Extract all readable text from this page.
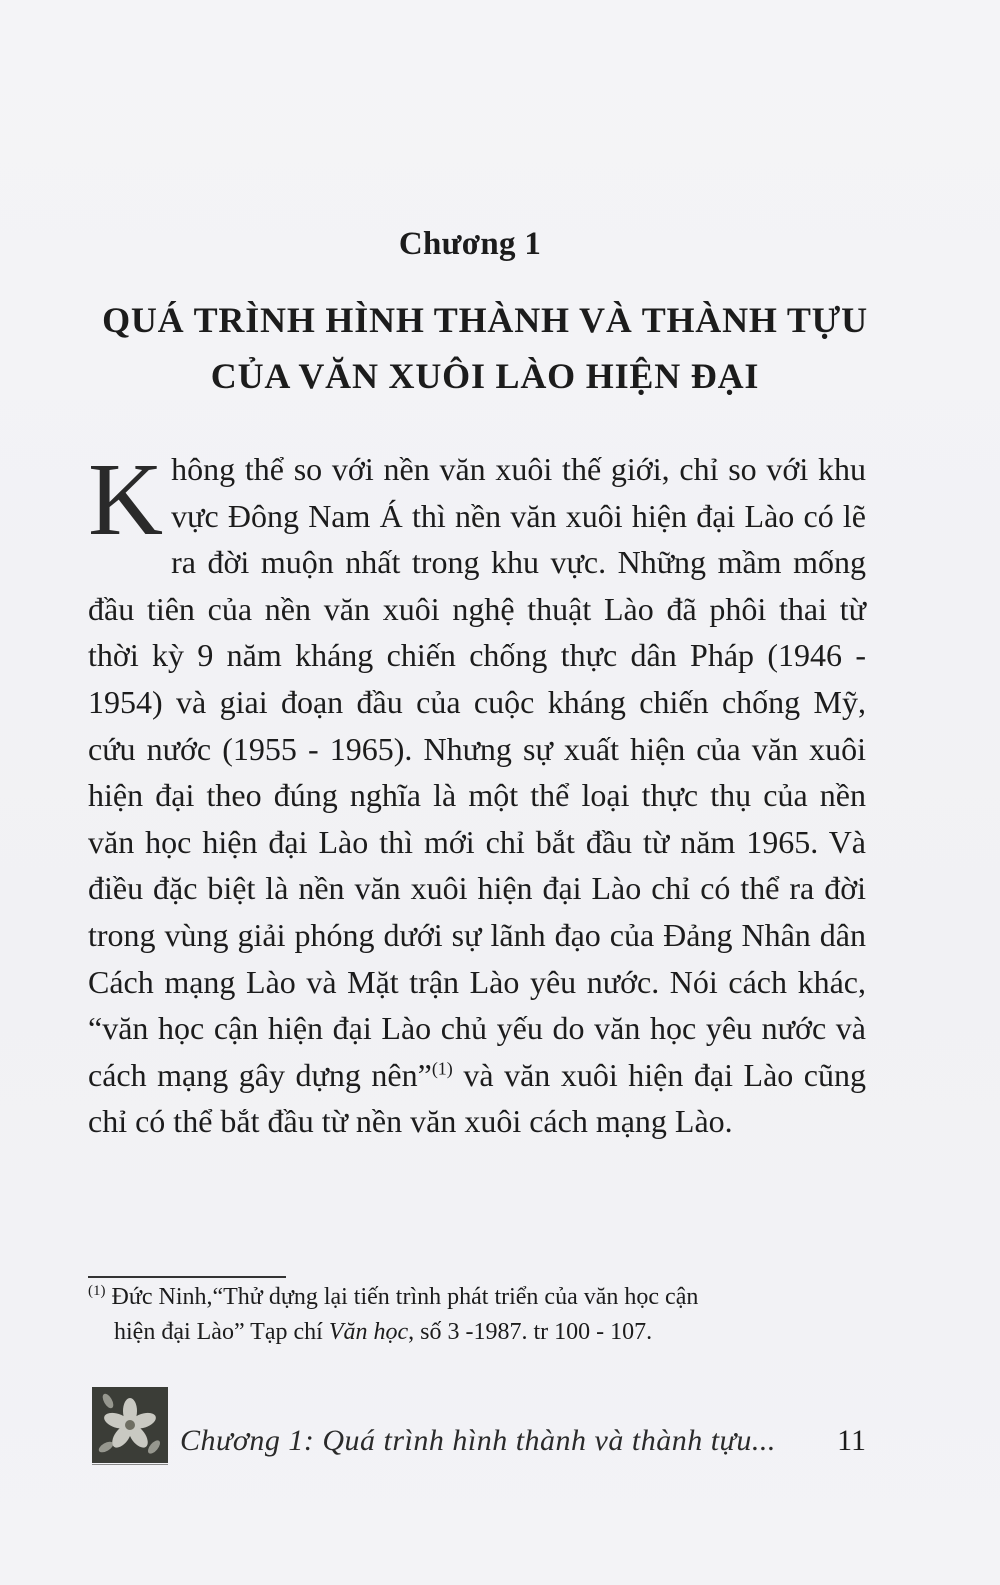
Chương 1
QUÁ TRÌNH HÌNH THÀNH VÀ THÀNH TỰU
CỦA VĂN XUÔI LÀO HIỆN ĐẠI

Không thể so với nền văn xuôi thế giới, chỉ so với khu vực Đông Nam Á thì nền văn xuôi hiện đại Lào có lẽ ra đời muộn nhất trong khu vực. Những mầm mống đầu tiên của nền văn xuôi nghệ thuật Lào đã phôi thai từ thời kỳ 9 năm kháng chiến chống thực dân Pháp (1946 - 1954) và giai đoạn đầu của cuộc kháng chiến chống Mỹ, cứu nước (1955 - 1965). Nhưng sự xuất hiện của văn xuôi hiện đại theo đúng nghĩa là một thể loại thực thụ của nền văn học hiện đại Lào thì mới chỉ bắt đầu từ năm 1965. Và điều đặc biệt là nền văn xuôi hiện đại Lào chỉ có thể ra đời trong vùng giải phóng dưới sự lãnh đạo của Đảng Nhân dân Cách mạng Lào và Mặt trận Lào yêu nước. Nói cách khác, “văn học cận hiện đại Lào chủ yếu do văn học yêu nước và cách mạng gây dựng nên”$^{(1)}$ và văn xuôi hiện đại Lào cũng chỉ có thể bắt đầu từ nền văn xuôi cách mạng Lào.

$^{(1)}$ Đức Ninh,“Thử dựng lại tiến trình phát triển của văn học cận
hiện đại Lào” Tạp chí Văn học, số 3 -1987. tr 100 - 107.
Chương 1: Quá trình hình thành và thành tựu...	11
